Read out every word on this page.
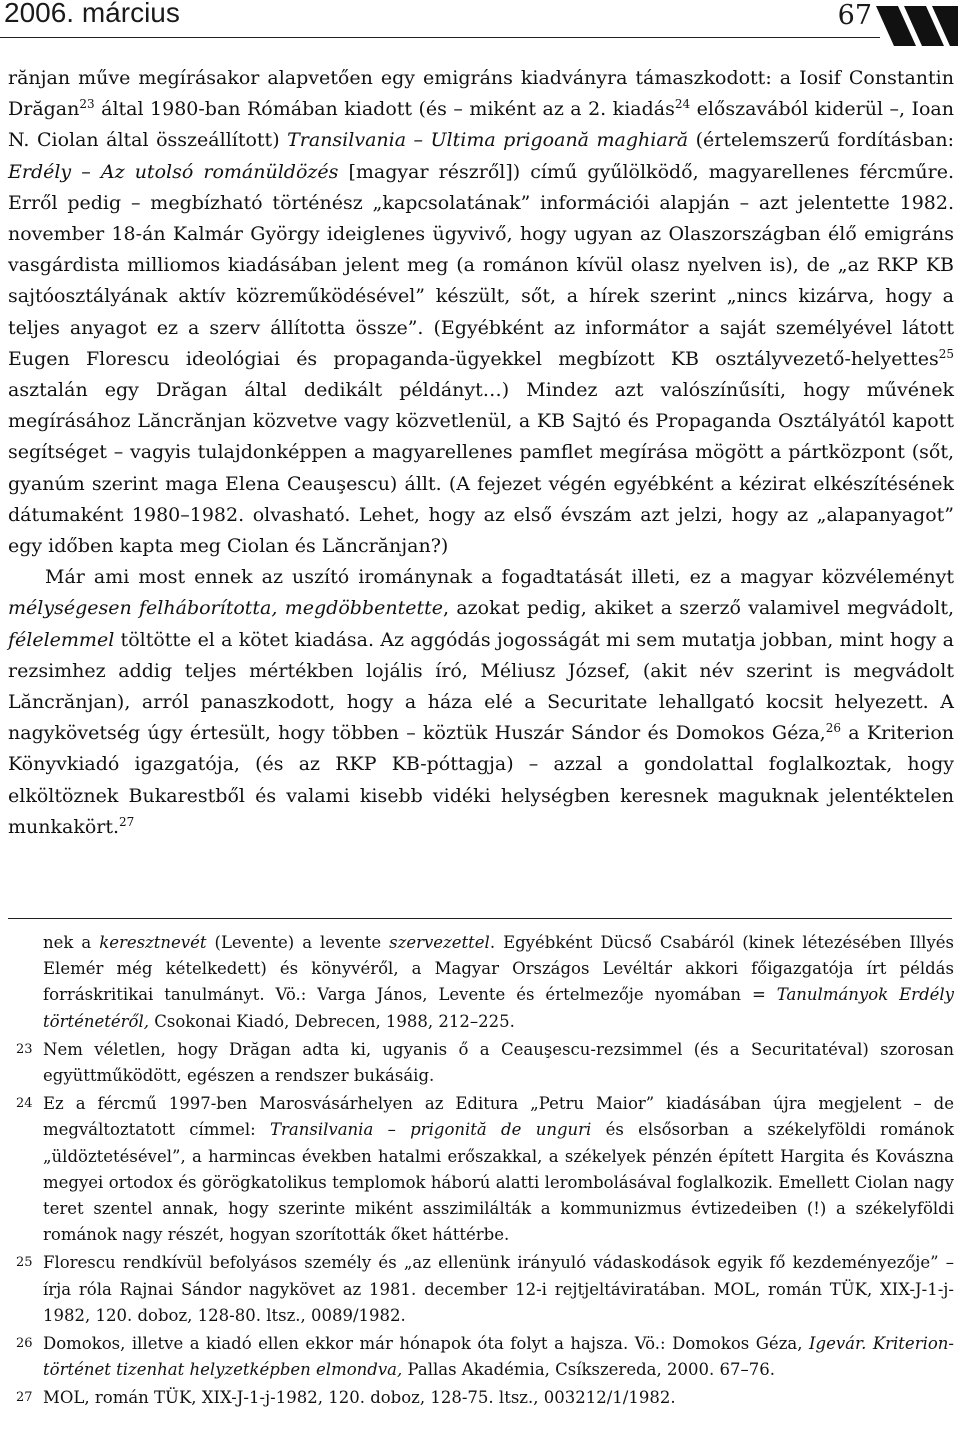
2006. március	67

rănjan műve megírásakor alapvetően egy emigráns kiadványra támaszkodott: a Iosif Constantin Drăgan$^{23}$ által 1980-ban Rómában kiadott (és – miként az a 2. kiadás$^{24}$ előszavából kiderül –, Ioan N. Ciolan által összeállított) Transilvania – Ultima prigoană maghiară (értelemszerű fordításban: Erdély – Az utolsó románüldözés [magyar részről]) című gyűlölködő, magyarellenes fércműre. Erről pedig – megbízható történész „kapcsolatának” információi alapján – azt jelentette 1982. november 18-án Kalmár György ideiglenes ügyvivő, hogy ugyan az Olaszországban élő emigráns vasgárdista milliomos kiadásában jelent meg (a románon kívül olasz nyelven is), de „az RKP KB sajtóosztályának aktív közreműködésével” készült, sőt, a hírek szerint „nincs kizárva, hogy a teljes anyagot ez a szerv állította össze”. (Egyébként az informátor a saját személyével látott Eugen Florescu ideológiai és propaganda-ügyekkel megbízott KB osztályvezető-helyettes$^{25}$ asztalán egy Drăgan által dedikált példányt…) Mindez azt valószínűsíti, hogy művének megírásához Lăncrănjan közvetve vagy közvetlenül, a KB Sajtó és Propaganda Osztályától kapott segítséget – vagyis tulajdonképpen a magyarellenes pamflet megírása mögött a pártközpont (sőt, gyanúm szerint maga Elena Ceauşescu) állt. (A fejezet végén egyébként a kézirat elkészítésének dátumaként 1980–1982. olvasható. Lehet, hogy az első évszám azt jelzi, hogy az „alapanyagot” egy időben kapta meg Ciolan és Lăncrănjan?)

Már ami most ennek az uszító irománynak a fogadtatását illeti, ez a magyar közvéleményt mélységesen felháborította, megdöbbentette, azokat pedig, akiket a szerző valamivel megvádolt, félelemmel töltötte el a kötet kiadása. Az aggódás jogosságát mi sem mutatja jobban, mint hogy a rezsimhez addig teljes mértékben lojális író, Méliusz József, (akit név szerint is megvádolt Lăncrănjan), arról panaszkodott, hogy a háza elé a Securitate lehallgató kocsit helyezett. A nagykövetség úgy értesült, hogy többen – köztük Huszár Sándor és Domokos Géza,$^{26}$ a Kriterion Könyvkiadó igazgatója, (és az RKP KB-póttagja) – azzal a gondolattal foglalkoztak, hogy elköltöznek Bukarestből és valami kisebb vidéki helységben keresnek maguknak jelentéktelen munkakört.$^{27}$

nek a keresztnevét (Levente) a levente szervezettel. Egyébként Dücső Csabáról (kinek létezésében Illyés Elemér még kételkedett) és könyvéről, a Magyar Országos Levéltár akkori főigazgatója írt példás forráskritikai tanulmányt. Vö.: Varga János, Levente és értelmezője nyomában = Tanulmányok Erdély történetéről, Csokonai Kiadó, Debrecen, 1988, 212–225.

23 Nem véletlen, hogy Drăgan adta ki, ugyanis ő a Ceauşescu-rezsimmel (és a Securitatéval) szorosan együttműködött, egészen a rendszer bukásáig.

24 Ez a fércmű 1997-ben Marosvásárhelyen az Editura „Petru Maior” kiadásában újra megjelent – de megváltoztatott címmel: Transilvania – prigonită de unguri és elsősorban a székelyföldi románok „üldöztetésével”, a harmincas években hatalmi erőszakkal, a székelyek pénzén épített Hargita és Kovászna megyei ortodox és görögkatolikus templomok háború alatti lerombolásával foglalkozik. Emellett Ciolan nagy teret szentel annak, hogy szerinte miként asszimilálták a kommunizmus évtizedeiben (!) a székelyföldi románok nagy részét, hogyan szorították őket háttérbe.

25 Florescu rendkívül befolyásos személy és „az ellenünk irányuló vádaskodások egyik fő kezdeményezője” – írja róla Rajnai Sándor nagykövet az 1981. december 12-i rejtjeltáviratában. MOL, román TÜK, XIX-J-1-j-1982, 120. doboz, 128-80. ltsz., 0089/1982.

26 Domokos, illetve a kiadó ellen ekkor már hónapok óta folyt a hajsza. Vö.: Domokos Géza, Igevár. Kriterion-történet tizenhat helyzetképben elmondva, Pallas Akadémia, Csíkszereda, 2000. 67–76.

27 MOL, román TÜK, XIX-J-1-j-1982, 120. doboz, 128-75. ltsz., 003212/1/1982.
